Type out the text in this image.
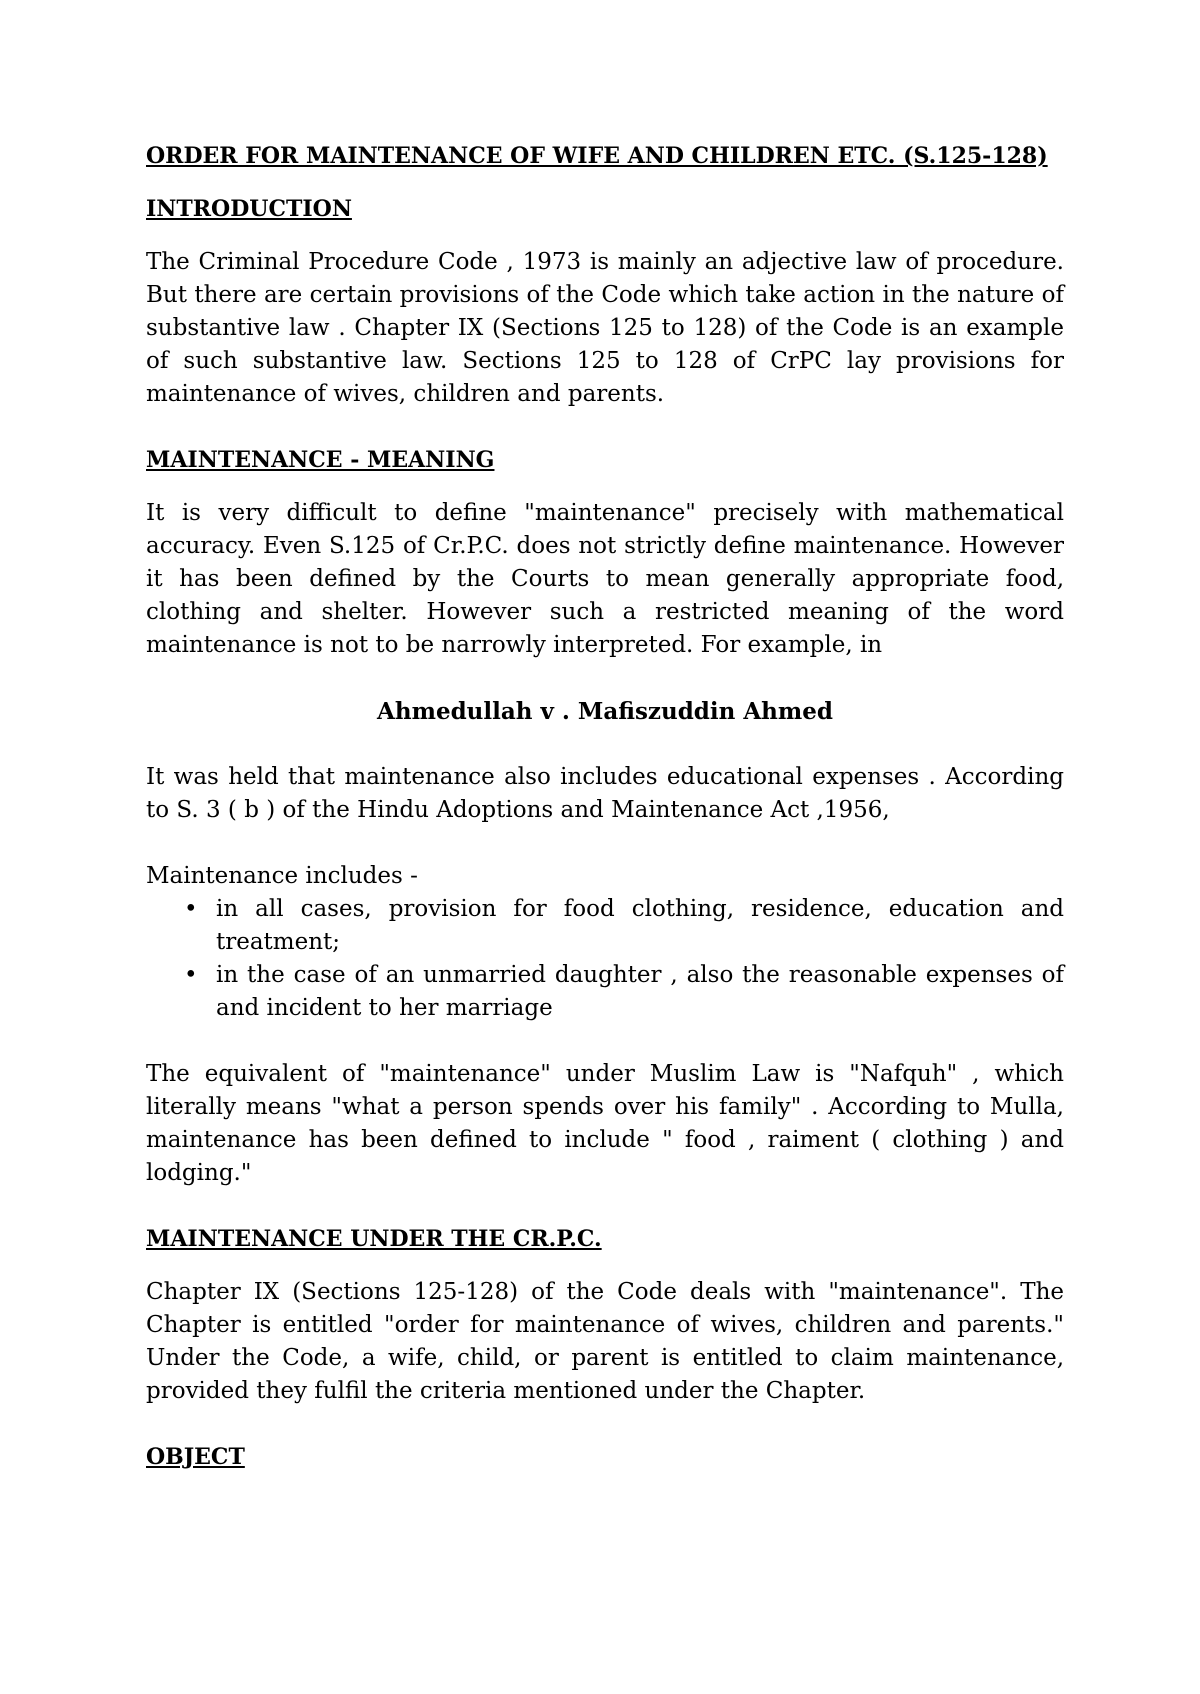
ORDER FOR MAINTENANCE OF WIFE AND CHILDREN ETC. (S.125-128)
INTRODUCTION

The Criminal Procedure Code , 1973 is mainly an adjective law of procedure. But there are certain provisions of the Code which take action in the nature of substantive law . Chapter IX (Sections 125 to 128) of the Code is an example of such substantive law. Sections 125 to 128 of CrPC lay provisions for maintenance of wives, children and parents.

MAINTENANCE - MEANING

It is very difficult to define "maintenance" precisely with mathematical accuracy. Even S.125 of Cr.P.C. does not strictly define maintenance. However it has been defined by the Courts to mean generally appropriate food, clothing and shelter. However such a restricted meaning of the word maintenance is not to be narrowly interpreted. For example, in

Ahmedullah v . Mafiszuddin Ahmed

It was held that maintenance also includes educational expenses . According to S. 3 ( b ) of the Hindu Adoptions and Maintenance Act ,1956,

Maintenance includes -

• in all cases, provision for food clothing, residence, education and treatment;
• in the case of an unmarried daughter , also the reasonable expenses of and incident to her marriage

The equivalent of "maintenance" under Muslim Law is "Nafquh" , which literally means "what a person spends over his family" . According to Mulla, maintenance has been defined to include " food , raiment ( clothing ) and lodging."

MAINTENANCE UNDER THE CR.P.C.

Chapter IX (Sections 125-128) of the Code deals with "maintenance". The Chapter is entitled "order for maintenance of wives, children and parents." Under the Code, a wife, child, or parent is entitled to claim maintenance, provided they fulfil the criteria mentioned under the Chapter.

OBJECT
